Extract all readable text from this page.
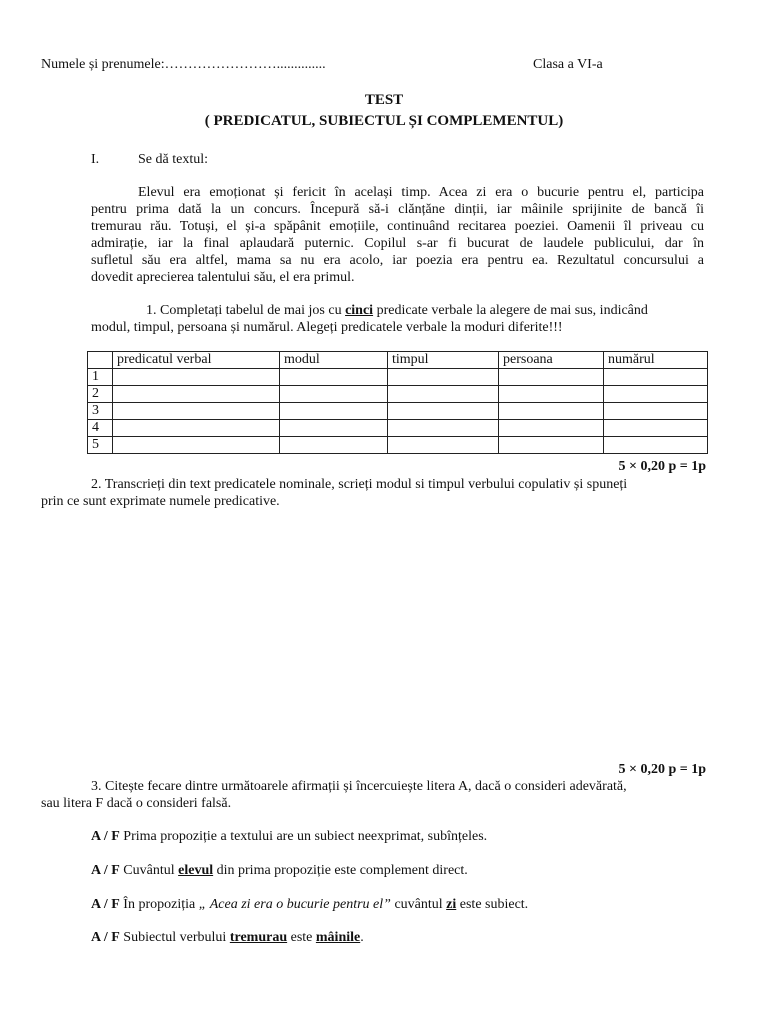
Numele și prenumele:……………………..............	Clasa a VI-a
TEST
( PREDICATUL, SUBIECTUL ȘI COMPLEMENTUL)
I.	Se dă textul:
Elevul era emoționat și fericit în același timp. Acea zi era o bucurie pentru el, participa
pentru prima dată la un concurs. Începură să-i clănțăne dinții, iar mâinile sprijinite de bancă îi
tremurau rău. Totuși, el și-a spăpânit emoțiile, continuând recitarea poeziei. Oamenii îl priveau cu
admirație, iar la final aplaudară puternic. Copilul s-ar fi bucurat de laudele publicului, dar în
sufletul său era altfel, mama sa nu era acolo, iar poezia era pentru ea. Rezultatul concursului a
dovedit aprecierea talentului său, el era primul.
1. Completați tabelul de mai jos cu cinci predicate verbale la alegere de mai sus, indicând
modul, timpul, persoana și numărul. Alegeți predicatele verbale la moduri diferite!!!
	predicatul verbal	modul	timpul	persoana	numărul
1					
2					
3					
4					
5					
5 × 0,20 p = 1p
2. Transcrieți din text predicatele nominale, scrieți modul si timpul verbului copulativ și spuneți
prin ce sunt exprimate numele predicative.
5 × 0,20 p = 1p
3. Citește fecare dintre următoarele afirmații și încercuiește litera A, dacă o consideri adevărată,
sau litera F dacă o consideri falsă.
A / F Prima propoziție a textului are un subiect neexprimat, subînțeles.
A / F Cuvântul elevul din prima propoziție este complement direct.
A / F În propoziția „ Acea zi era o bucurie pentru el” cuvântul zi este subiect.
A / F Subiectul verbului tremurau este mâinile.
